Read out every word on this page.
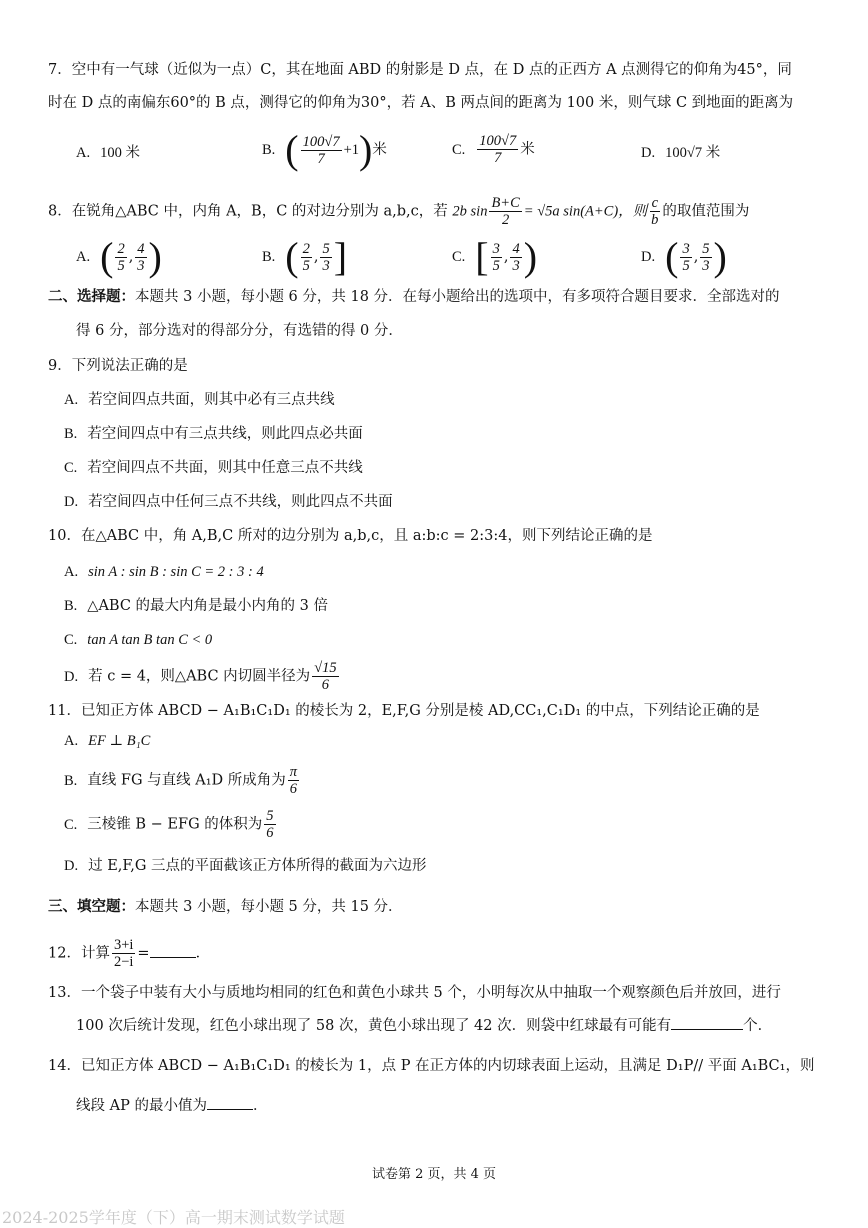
7．空中有一气球（近似为一点）C，其在地面 ABD 的射影是 D 点，在 D 点的正西方 A 点测得它的仰角为45°，同
时在 D 点的南偏东60°的 B 点，测得它的仰角为30°，若 A、B 两点间的距离为 100 米，则气球 C 到地面的距离为
A. 100 米	B. ( $\frac{100√7}{7} +1$)米	C. $\frac{100√7}{7}$ 米	D. 100√7 米
8．在锐角△ABC 中，内角 A，B，C 的对边分别为 a,b,c，若 2b $\sin \frac{B+C}{2} = √5a$ sin(A+C)，则 $\frac{c}{b}$ 的取值范围为
A. ( $\frac{2}{5}$ , $\frac{4}{3}$ )	B. ( $\frac{2}{5}$ , $\frac{5}{3}$ ]	C. [ $\frac{3}{5}$ , $\frac{4}{3}$ )	D. ( $\frac{3}{5}$ , $\frac{5}{3}$ )
二、选择题：本题共 3 小题，每小题 6 分，共 18 分．在每小题给出的选项中，有多项符合题目要求．全部选对的
得 6 分，部分选对的得部分分，有选错的得 0 分．
9．下列说法正确的是
A. 若空间四点共面，则其中必有三点共线
B. 若空间四点中有三点共线，则此四点必共面
C. 若空间四点不共面，则其中任意三点不共线
D. 若空间四点中任何三点不共线，则此四点不共面
10．在△ABC 中，角 A,B,C 所对的边分别为 a,b,c，且 a:b:c = 2:3:4，则下列结论正确的是
A. sin A : sin B : sin C = 2 : 3 : 4
B. △ABC 的最大内角是最小内角的 3 倍
C. tan A tan B tan C < 0
D. 若 c = 4，则△ABC 内切圆半径为 $\frac{√15}{6}$
11．已知正方体 ABCD − A₁B₁C₁D₁ 的棱长为 2，E,F,G 分别是棱 AD,CC₁,C₁D₁ 的中点，下列结论正确的是
A. EF ⊥ B₁C
B. 直线 FG 与直线 A₁D 所成角为 $\frac{\pi}{6}$
C. 三棱锥 B − EFG 的体积为 $\frac{5}{6}$
D. 过 E,F,G 三点的平面截该正方体所得的截面为六边形
三、填空题：本题共 3 小题，每小题 5 分，共 15 分．
12．计算 $\frac{3+i}{2-i}$ =	．
13．一个袋子中装有大小与质地均相同的红色和黄色小球共 5 个，小明每次从中抽取一个观察颜色后并放回，进行
100 次后统计发现，红色小球出现了 58 次，黄色小球出现了 42 次．则袋中红球最有可能有	个．
14．已知正方体 ABCD − A₁B₁C₁D₁ 的棱长为 1，点 P 在正方体的内切球表面上运动，且满足 D₁P// 平面 A₁BC₁，则
线段 AP 的最小值为	．
试卷第 2 页，共 4 页
2024-2025学年度（下）高一期末测试数学试题
